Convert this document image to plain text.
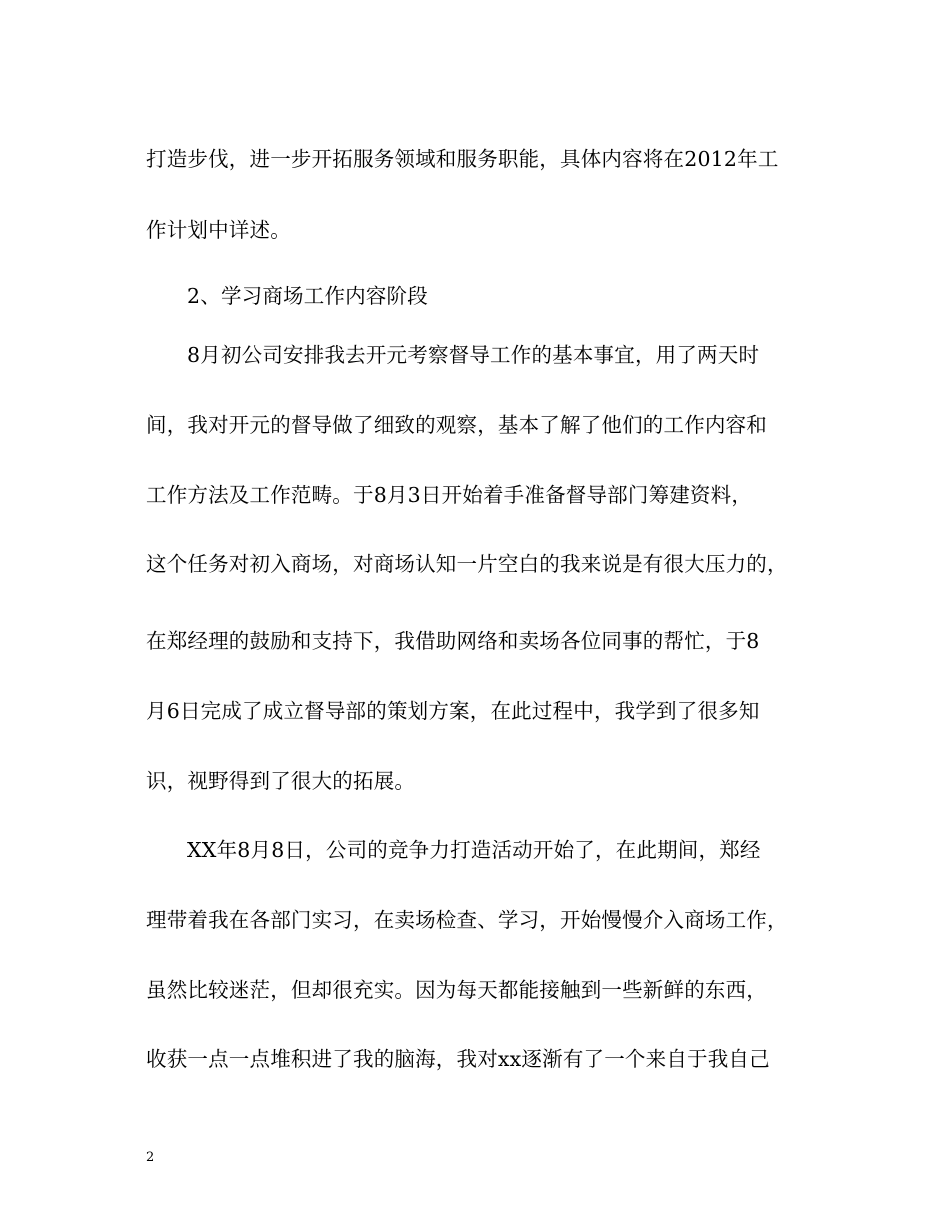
打造步伐，进一步开拓服务领域和服务职能，具体内容将在2012年工
作计划中详述。
2、学习商场工作内容阶段
8月初公司安排我去开元考察督导工作的基本事宜，用了两天时
间，我对开元的督导做了细致的观察，基本了解了他们的工作内容和
工作方法及工作范畴。于8月3日开始着手准备督导部门筹建资料，
这个任务对初入商场，对商场认知一片空白的我来说是有很大压力的，
在郑经理的鼓励和支持下，我借助网络和卖场各位同事的帮忙，于8
月6日完成了成立督导部的策划方案，在此过程中，我学到了很多知
识，视野得到了很大的拓展。
XX年8月8日，公司的竞争力打造活动开始了，在此期间，郑经
理带着我在各部门实习，在卖场检查、学习，开始慢慢介入商场工作，
虽然比较迷茫，但却很充实。因为每天都能接触到一些新鲜的东西，
收获一点一点堆积进了我的脑海，我对xx逐渐有了一个来自于我自己
2
